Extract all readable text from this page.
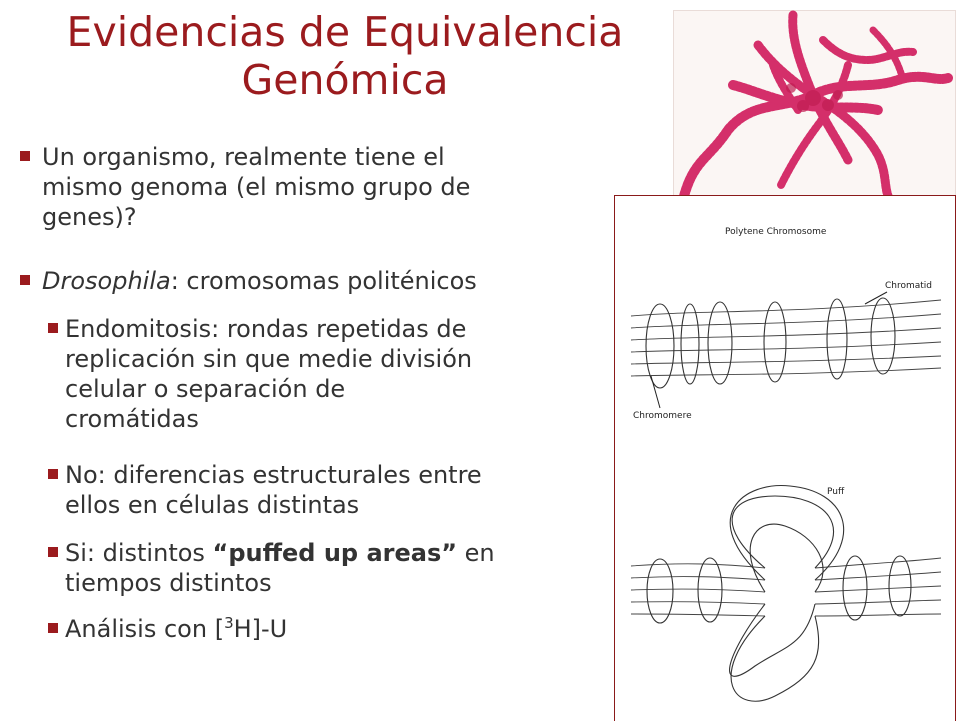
Evidencias de Equivalencia
Genómica
Polytene Chromosome
Chromatid
Chromomere
Puff
Un organismo, realmente tiene el
mismo genoma (el mismo grupo de
genes)?
Drosophila: cromosomas politénicos
Endomitosis: rondas repetidas de
replicación sin que medie división
celular o separación de
cromátidas
No: diferencias estructurales entre
ellos en células distintas
Si: distintos “puffed up areas” en
tiempos distintos
Análisis con [$^3$H]-U
